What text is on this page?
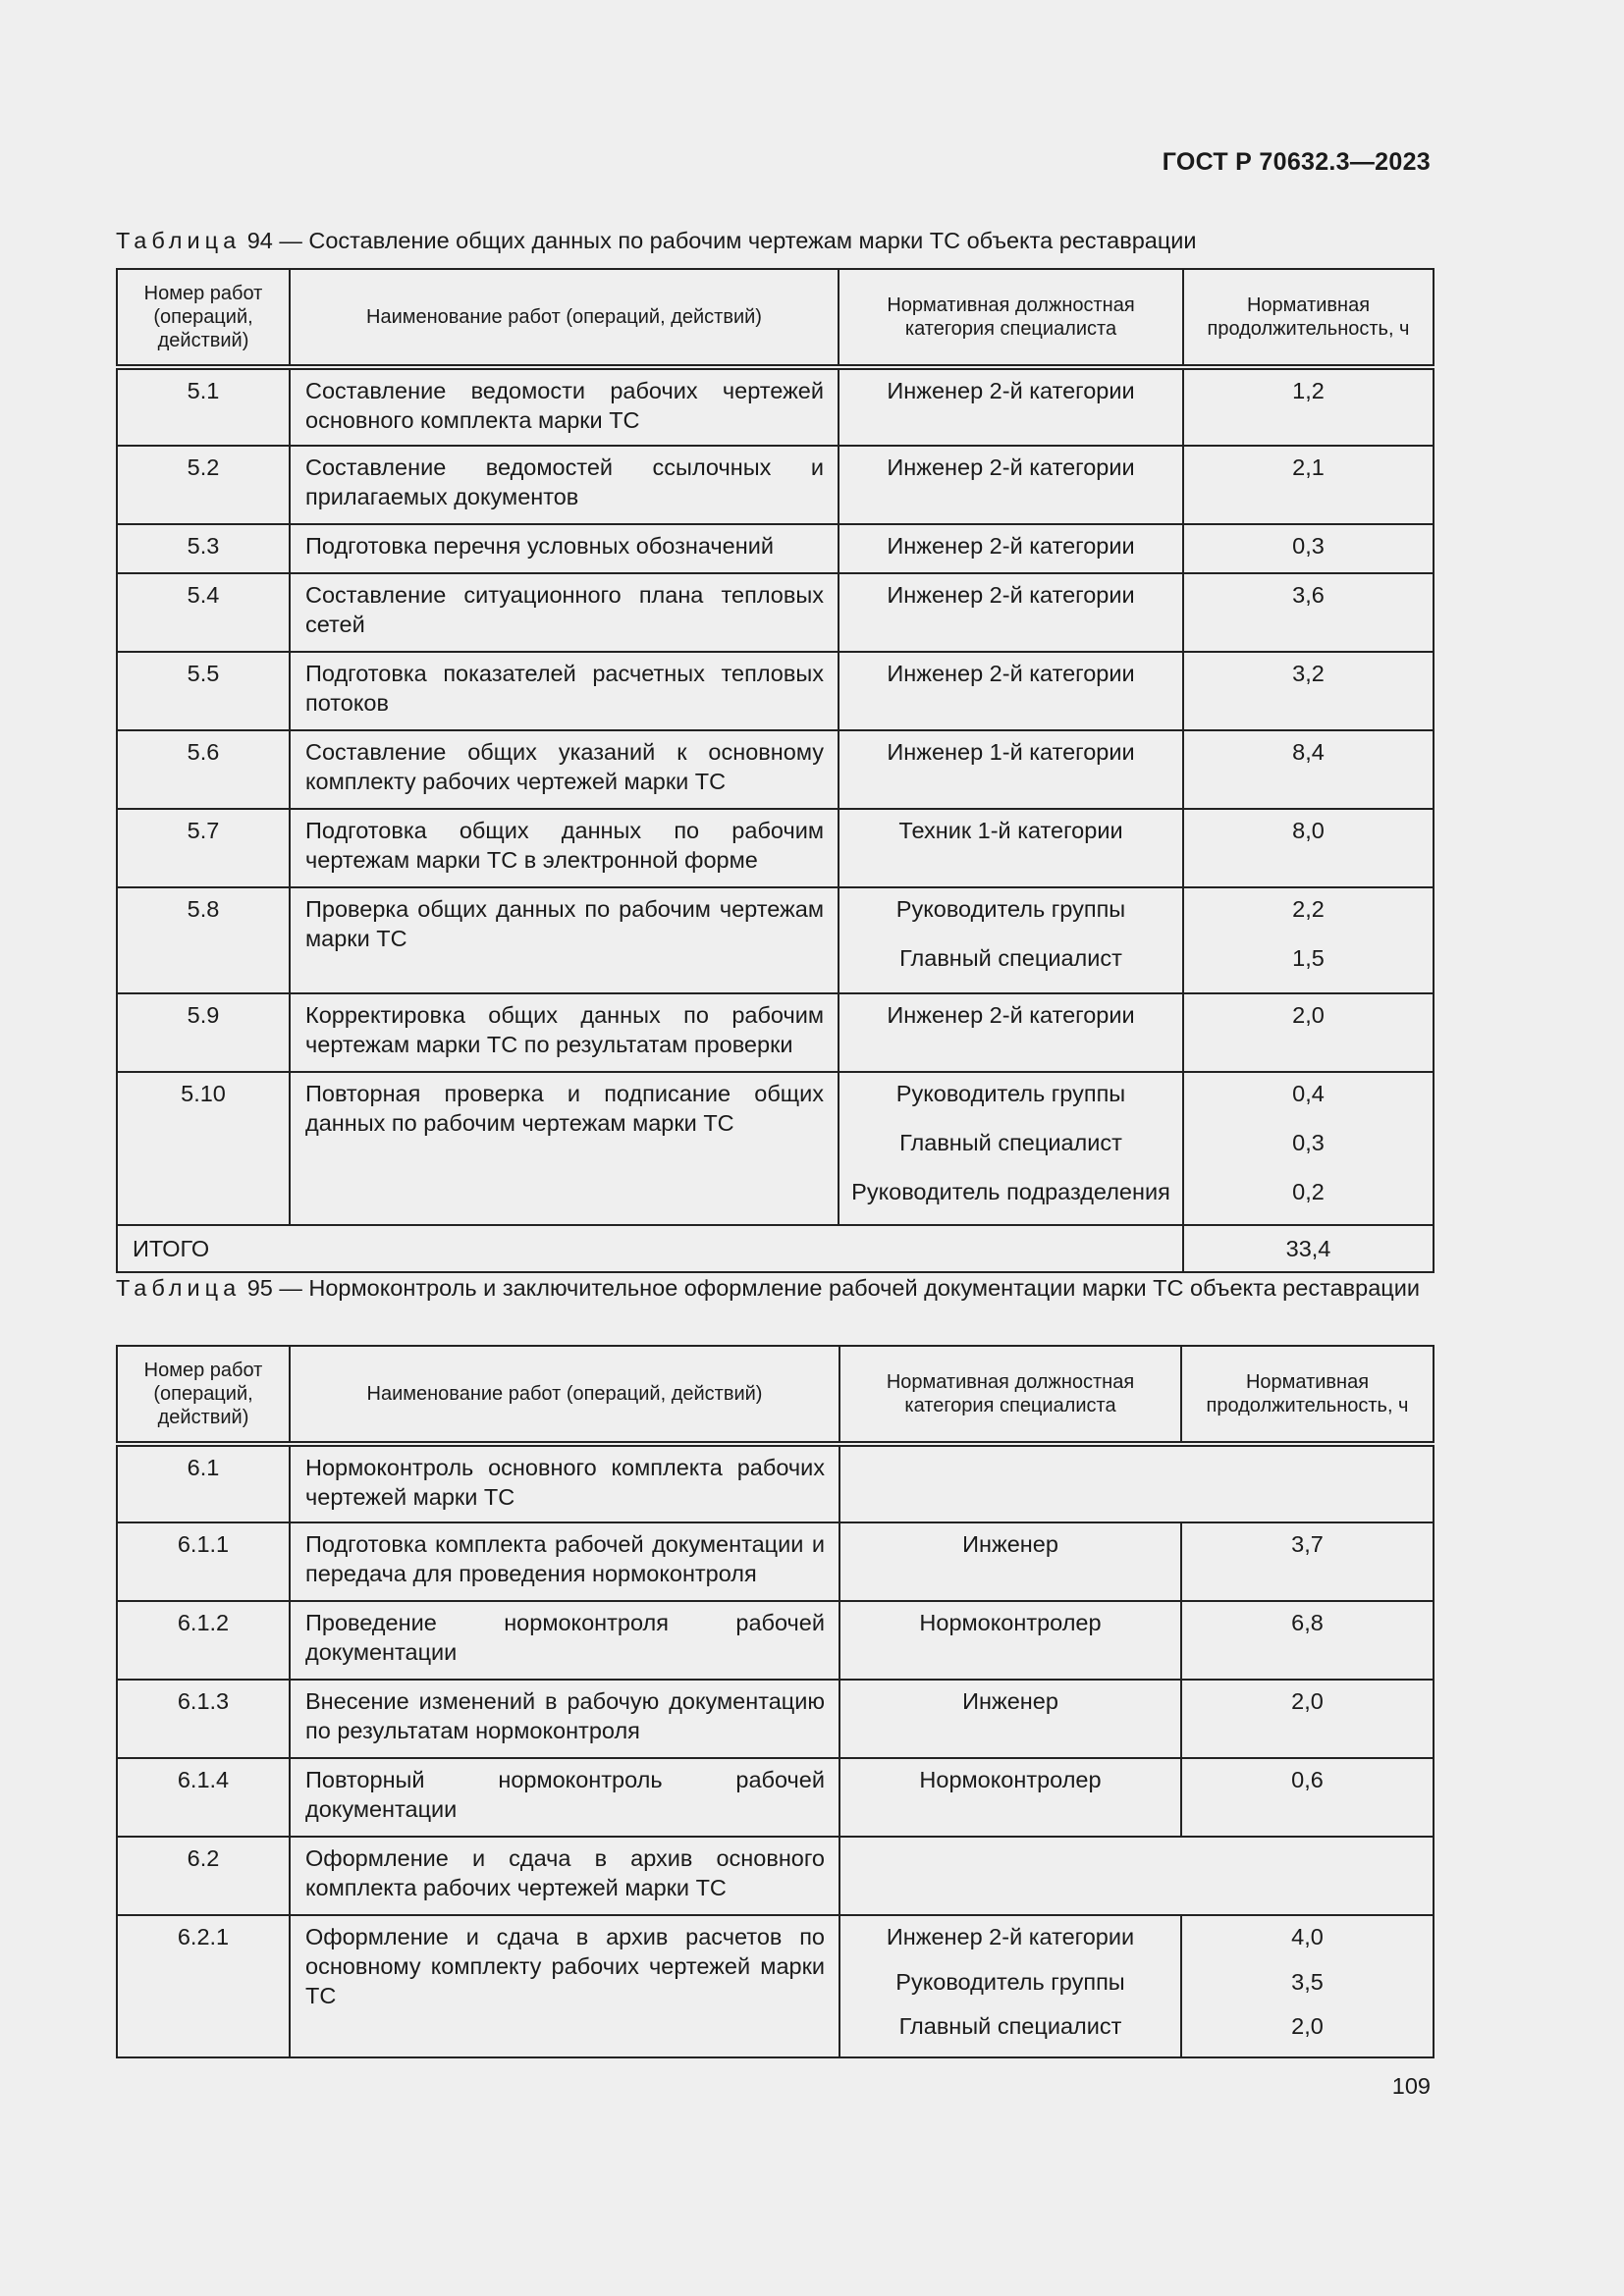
ГОСТ Р 70632.3—2023
Таблица 94 — Составление общих данных по рабочим чертежам марки ТС объекта реставрации
Номер работ (операций, действий)	Наименование работ (операций, действий)	Нормативная должностная категория специалиста	Нормативная продолжительность, ч
5.1	Составление ведомости рабочих чертежей основного комплекта марки ТС	Инженер 2-й категории	1,2
5.2	Составление ведомостей ссылочных и прилагаемых документов	Инженер 2-й категории	2,1
5.3	Подготовка перечня условных обозначений	Инженер 2-й категории	0,3
5.4	Составление ситуационного плана тепловых сетей	Инженер 2-й категории	3,6
5.5	Подготовка показателей расчетных тепловых потоков	Инженер 2-й категории	3,2
5.6	Составление общих указаний к основному комплекту рабочих чертежей марки ТС	Инженер 1-й категории	8,4
5.7	Подготовка общих данных по рабочим чертежам марки ТС в электронной форме	Техник 1-й категории	8,0
5.8	Проверка общих данных по рабочим чертежам марки ТС	Руководитель группы	2,2
		Главный специалист	1,5
5.9	Корректировка общих данных по рабочим чертежам марки ТС по результатам проверки	Инженер 2-й категории	2,0
5.10	Повторная проверка и подписание общих данных по рабочим чертежам марки ТС	Руководитель группы	0,4
		Главный специалист	0,3
		Руководитель подразделения	0,2
ИТОГО			33,4
Таблица 95 — Нормоконтроль и заключительное оформление рабочей документации марки ТС объекта реставрации
Номер работ (операций, действий)	Наименование работ (операций, действий)	Нормативная должностная категория специалиста	Нормативная продолжительность, ч
6.1	Нормоконтроль основного комплекта рабочих чертежей марки ТС		
6.1.1	Подготовка комплекта рабочей документации и передача для проведения нормоконтроля	Инженер	3,7
6.1.2	Проведение нормоконтроля рабочей документации	Нормоконтролер	6,8
6.1.3	Внесение изменений в рабочую документацию по результатам нормоконтроля	Инженер	2,0
6.1.4	Повторный нормоконтроль рабочей документации	Нормоконтролер	0,6
6.2	Оформление и сдача в архив основного комплекта рабочих чертежей марки ТС		
6.2.1	Оформление и сдача в архив расчетов по основному комплекту рабочих чертежей марки ТС	Инженер 2-й категории	4,0
		Руководитель группы	3,5
		Главный специалист	2,0
109
